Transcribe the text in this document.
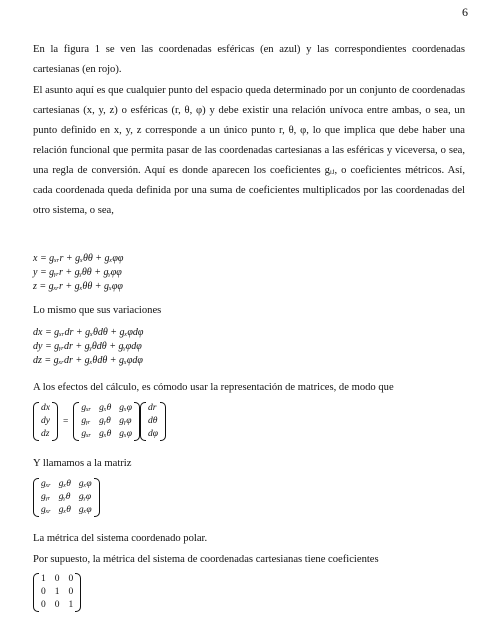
6
En la figura 1 se ven las coordenadas esféricas (en azul) y las correspondientes coordenadas cartesianas (en rojo).
El asunto aquí es que cualquier punto del espacio queda determinado por un conjunto de coordenadas cartesianas (x, y, z) o esféricas (r, θ, φ) y debe existir una relación unívoca entre ambas, o sea, un punto definido en x, y, z corresponde a un único punto r, θ, φ, lo que implica que debe haber una relación funcional que permita pasar de las coordenadas cartesianas a las esféricas y viceversa, o sea, una regla de conversión. Aquí es donde aparecen los coeficientes gᵢⱼ, o coeficientes métricos. Así, cada coordenada queda definida por una suma de coeficientes multiplicados por las coordenadas del otro sistema, o sea,
x = gₓᵣr + gₓθθ + gₓφφ
y = gᵧᵣr + gᵧθθ + gᵧφφ
z = gₓᵣr + gₓθθ + gₓφφ
Lo mismo que sus variaciones
dx = gₓᵣdr + gₓθdθ + gₓφdφ
dy = gᵧᵣdr + gᵧθdθ + gᵧφdφ
dz = gₓᵣdr + gₓθdθ + gₓφdφ
A los efectos del cálculo, es cómodo usar la representación de matrices, de modo que
dx
dy
dz
=
gₓᵣ gₓθ gₓφ
gᵧᵣ gᵧθ gᵧφ
gₓᵣ gₓθ gₓφ
dr
dθ
dφ
Y llamamos a la matriz
gₓᵣ gₓθ gₓφ
gᵧᵣ gᵧθ gᵧφ
gₓᵣ gₓθ gₓφ
La métrica del sistema coordenado polar.
Por supuesto, la métrica del sistema de coordenadas cartesianas tiene coeficientes
1 0 0
0 1 0
0 0 1
